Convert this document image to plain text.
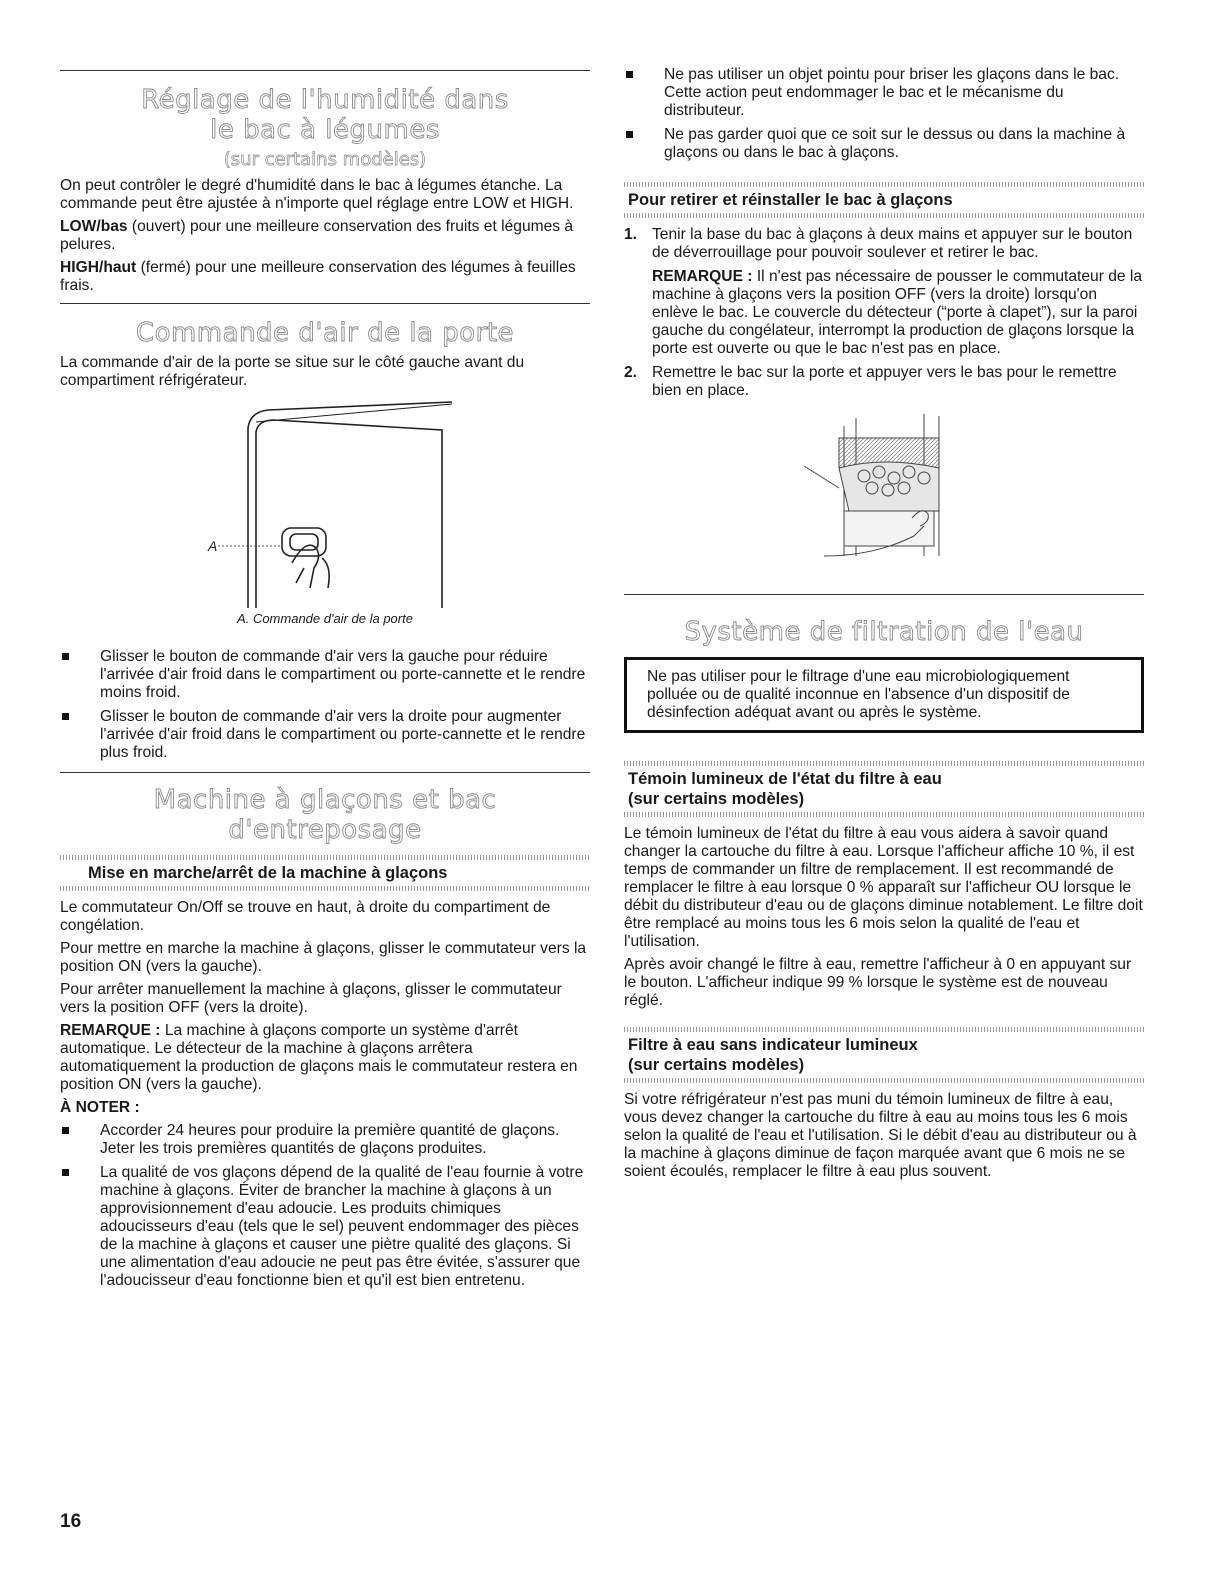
Réglage de l'humidité dans
le bac à légumes
(sur certains modèles)

On peut contrôler le degré d'humidité dans le bac à légumes étanche. La commande peut être ajustée à n'importe quel réglage entre LOW et HIGH.

LOW/bas (ouvert) pour une meilleure conservation des fruits et légumes à pelures.

HIGH/haut (fermé) pour une meilleure conservation des légumes à feuilles frais.

Commande d'air de la porte

La commande d'air de la porte se situe sur le côté gauche avant du compartiment réfrigérateur.

A
A. Commande d'air de la porte
Glisser le bouton de commande d'air vers la gauche pour réduire l'arrivée d'air froid dans le compartiment ou porte-cannette et le rendre moins froid.
Glisser le bouton de commande d'air vers la droite pour augmenter l'arrivée d'air froid dans le compartiment ou porte-cannette et le rendre plus froid.
Machine à glaçons et bac
d'entreposage
Mise en marche/arrêt de la machine à glaçons

Le commutateur On/Off se trouve en haut, à droite du compartiment de congélation.

Pour mettre en marche la machine à glaçons, glisser le commutateur vers la position ON (vers la gauche).

Pour arrêter manuellement la machine à glaçons, glisser le commutateur vers la position OFF (vers la droite).

REMARQUE : La machine à glaçons comporte un système d'arrêt automatique. Le détecteur de la machine à glaçons arrêtera automatiquement la production de glaçons mais le commutateur restera en position ON (vers la gauche).

À NOTER :

Accorder 24 heures pour produire la première quantité de glaçons. Jeter les trois premières quantités de glaçons produites.
La qualité de vos glaçons dépend de la qualité de l'eau fournie à votre machine à glaçons. Éviter de brancher la machine à glaçons à un approvisionnement d'eau adoucie. Les produits chimiques adoucisseurs d'eau (tels que le sel) peuvent endommager des pièces de la machine à glaçons et causer une piètre qualité des glaçons. Si une alimentation d'eau adoucie ne peut pas être évitée, s'assurer que l'adoucisseur d'eau fonctionne bien et qu'il est bien entretenu.
Ne pas utiliser un objet pointu pour briser les glaçons dans le bac. Cette action peut endommager le bac et le mécanisme du distributeur.
Ne pas garder quoi que ce soit sur le dessus ou dans la machine à glaçons ou dans le bac à glaçons.
Pour retirer et réinstaller le bac à glaçons
1. Tenir la base du bac à glaçons à deux mains et appuyer sur le bouton de déverrouillage pour pouvoir soulever et retirer le bac.
REMARQUE : Il n'est pas nécessaire de pousser le commutateur de la machine à glaçons vers la position OFF (vers la droite) lorsqu'on enlève le bac. Le couvercle du détecteur (“porte à clapet”), sur la paroi gauche du congélateur, interrompt la production de glaçons lorsque la porte est ouverte ou que le bac n'est pas en place.
2. Remettre le bac sur la porte et appuyer vers le bas pour le remettre bien en place.
Système de filtration de l'eau
Ne pas utiliser pour le filtrage d'une eau microbiologiquement polluée ou de qualité inconnue en l'absence d'un dispositif de désinfection adéquat avant ou après le système.
Témoin lumineux de l'état du filtre à eau
(sur certains modèles)

Le témoin lumineux de l'état du filtre à eau vous aidera à savoir quand changer la cartouche du filtre à eau. Lorsque l'afficheur affiche 10 %, il est temps de commander un filtre de remplacement. Il est recommandé de remplacer le filtre à eau lorsque 0 % apparaît sur l'afficheur OU lorsque le débit du distributeur d'eau ou de glaçons diminue notablement. Le filtre doit être remplacé au moins tous les 6 mois selon la qualité de l'eau et l'utilisation.

Après avoir changé le filtre à eau, remettre l'afficheur à 0 en appuyant sur le bouton. L'afficheur indique 99 % lorsque le système est de nouveau réglé.

Filtre à eau sans indicateur lumineux
(sur certains modèles)

Si votre réfrigérateur n'est pas muni du témoin lumineux de filtre à eau, vous devez changer la cartouche du filtre à eau au moins tous les 6 mois selon la qualité de l'eau et l'utilisation. Si le débit d'eau au distributeur ou à la machine à glaçons diminue de façon marquée avant que 6 mois ne se soient écoulés, remplacer le filtre à eau plus souvent.

16
